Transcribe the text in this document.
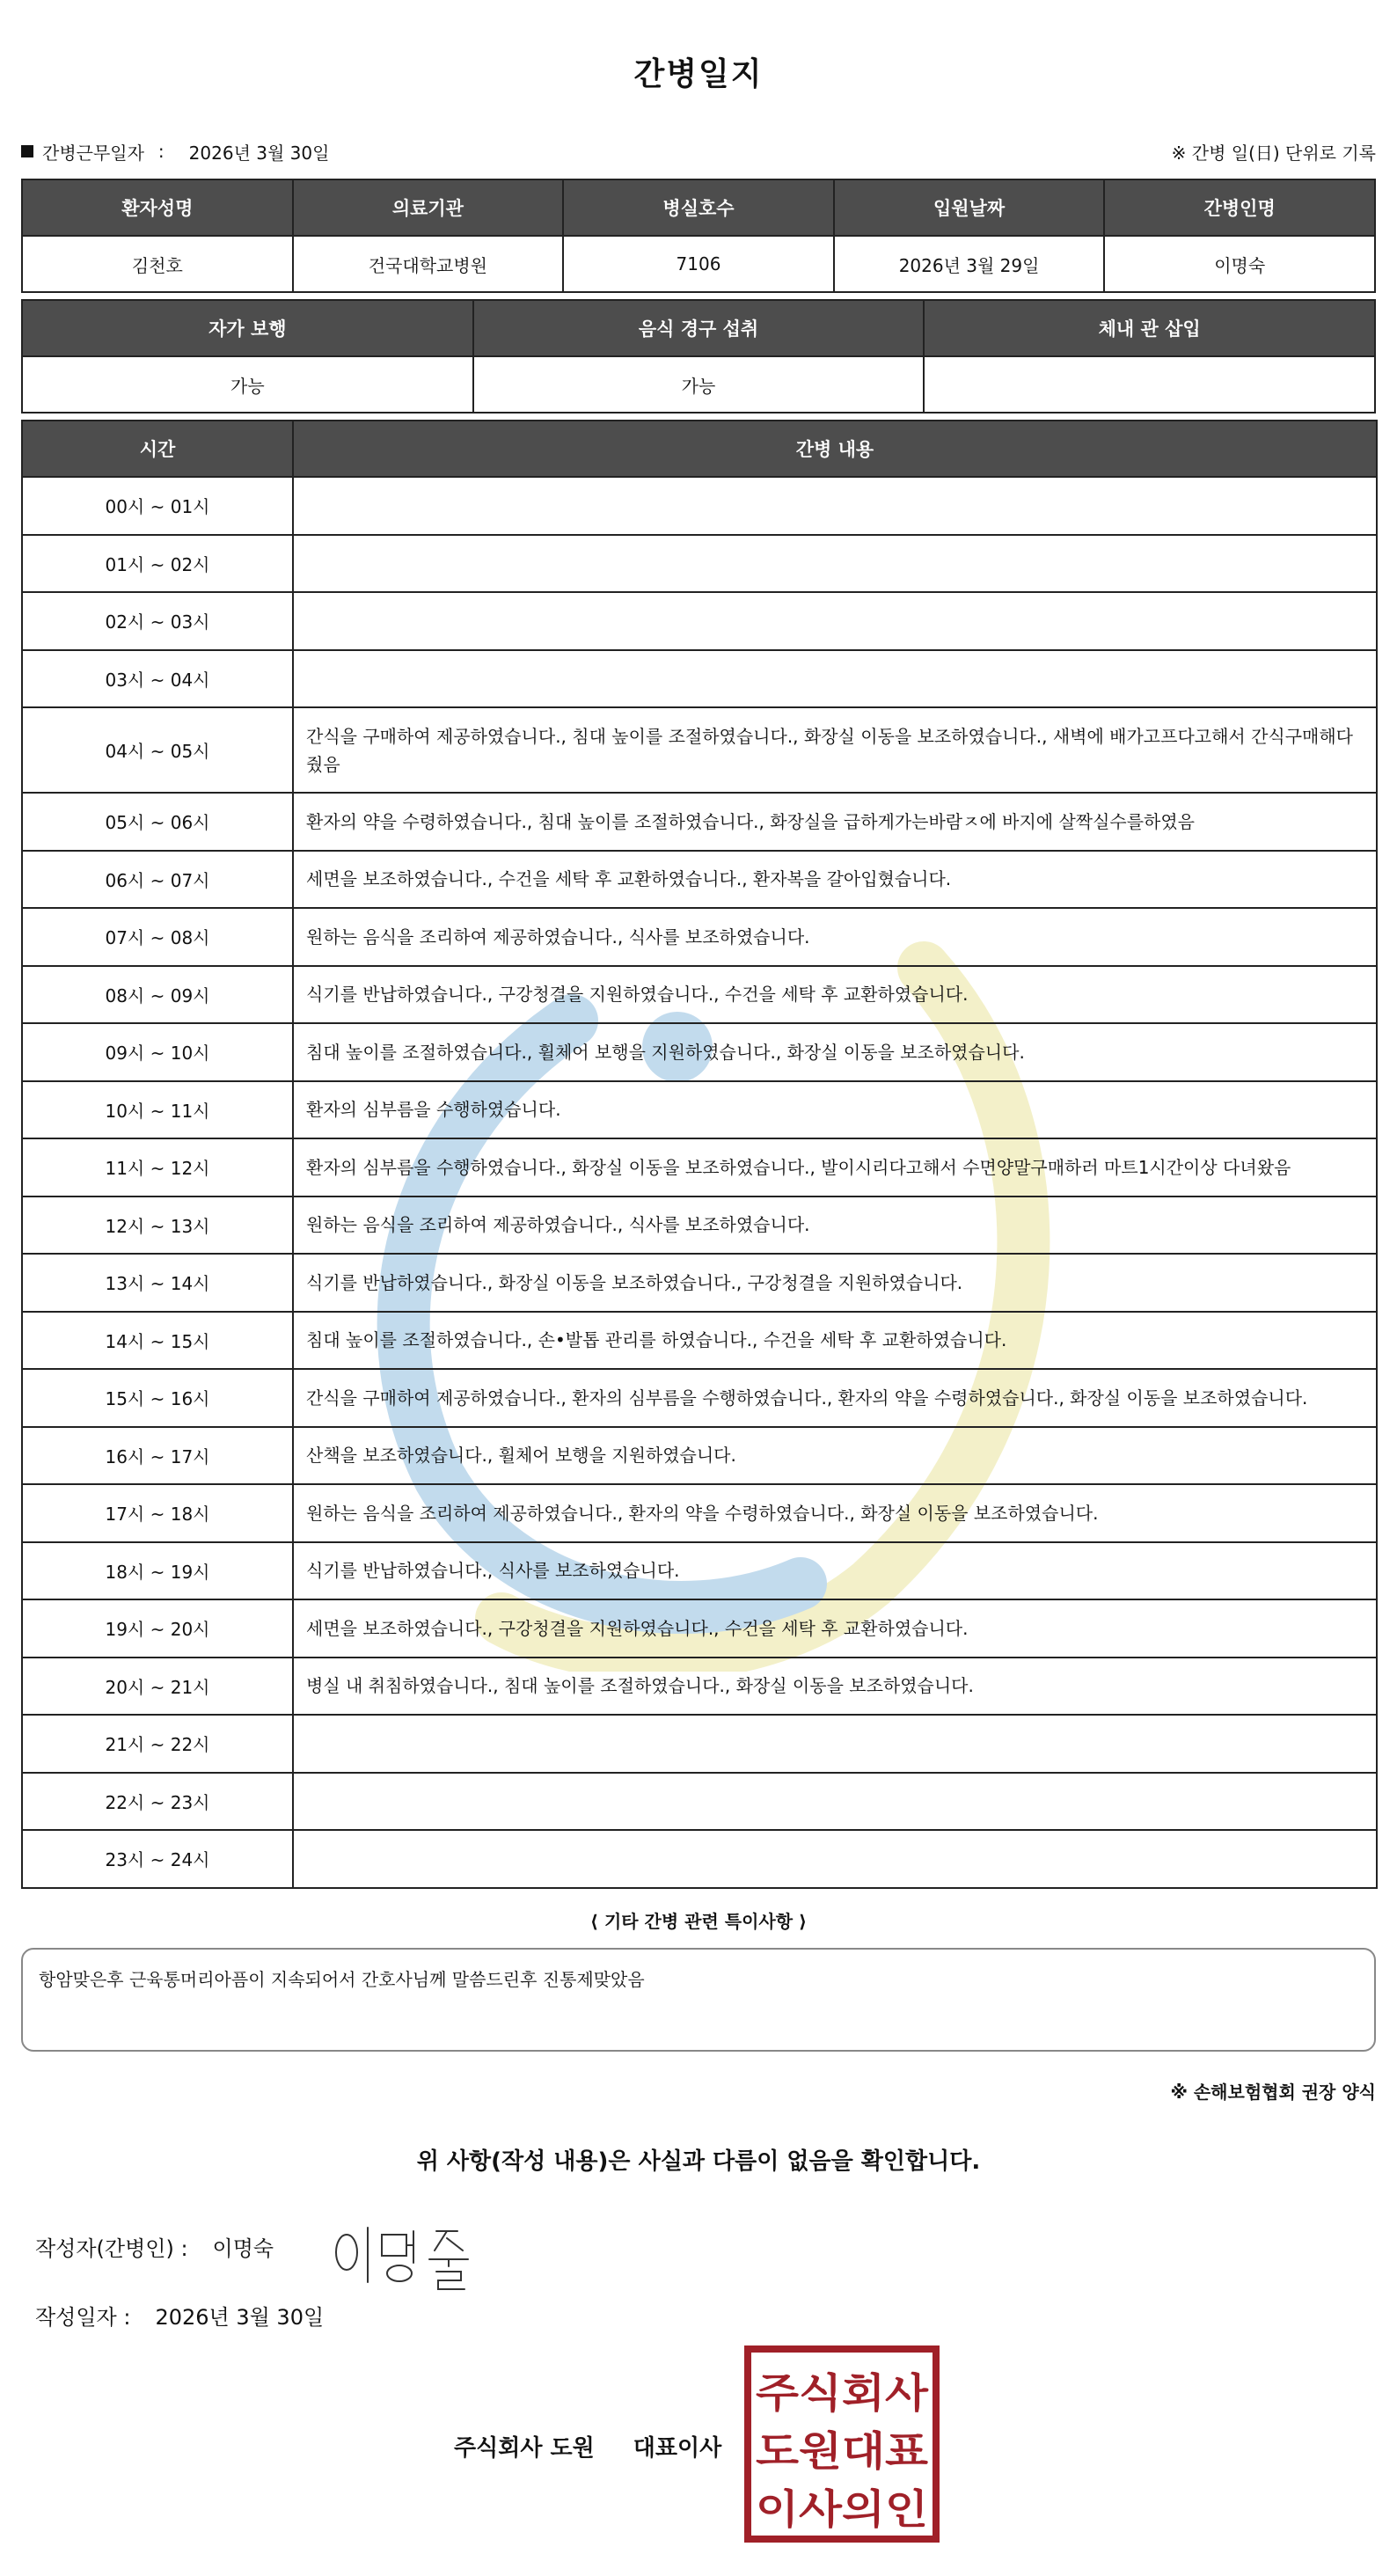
간병일지
간병근무일자 : 2026년 3월 30일	※ 간병 일(日) 단위로 기록
환자성명	의료기관	병실호수	입원날짜	간병인명
김천호	건국대학교병원	7106	2026년 3월 29일	이명숙
자가 보행	음식 경구 섭취	체내 관 삽입
가능	가능	
시간	간병 내용
00시 ~ 01시	
01시 ~ 02시	
02시 ~ 03시	
03시 ~ 04시	
04시 ~ 05시	간식을 구매하여 제공하였습니다., 침대 높이를 조절하였습니다., 화장실 이동을 보조하였습니다., 새벽에 배가고프다고해서 간식구매해다줬음
05시 ~ 06시	환자의 약을 수령하였습니다., 침대 높이를 조절하였습니다., 화장실을 급하게가는바람ㅈ에 바지에 살짝실수를하였음
06시 ~ 07시	세면을 보조하였습니다., 수건을 세탁 후 교환하였습니다., 환자복을 갈아입혔습니다.
07시 ~ 08시	원하는 음식을 조리하여 제공하였습니다., 식사를 보조하였습니다.
08시 ~ 09시	식기를 반납하였습니다., 구강청결을 지원하였습니다., 수건을 세탁 후 교환하였습니다.
09시 ~ 10시	침대 높이를 조절하였습니다., 휠체어 보행을 지원하였습니다., 화장실 이동을 보조하였습니다.
10시 ~ 11시	환자의 심부름을 수행하였습니다.
11시 ~ 12시	환자의 심부름을 수행하였습니다., 화장실 이동을 보조하였습니다., 발이시리다고해서 수면양말구매하러 마트1시간이상 다녀왔음
12시 ~ 13시	원하는 음식을 조리하여 제공하였습니다., 식사를 보조하였습니다.
13시 ~ 14시	식기를 반납하였습니다., 화장실 이동을 보조하였습니다., 구강청결을 지원하였습니다.
14시 ~ 15시	침대 높이를 조절하였습니다., 손•발톱 관리를 하였습니다., 수건을 세탁 후 교환하였습니다.
15시 ~ 16시	간식을 구매하여 제공하였습니다., 환자의 심부름을 수행하였습니다., 환자의 약을 수령하였습니다., 화장실 이동을 보조하였습니다.
16시 ~ 17시	산책을 보조하였습니다., 휠체어 보행을 지원하였습니다.
17시 ~ 18시	원하는 음식을 조리하여 제공하였습니다., 환자의 약을 수령하였습니다., 화장실 이동을 보조하였습니다.
18시 ~ 19시	식기를 반납하였습니다., 식사를 보조하였습니다.
19시 ~ 20시	세면을 보조하였습니다., 구강청결을 지원하였습니다., 수건을 세탁 후 교환하였습니다.
20시 ~ 21시	병실 내 취침하였습니다., 침대 높이를 조절하였습니다., 화장실 이동을 보조하였습니다.
21시 ~ 22시	
22시 ~ 23시	
23시 ~ 24시	
⟨ 기타 간병 관련 특이사항 ⟩
항암맞은후 근육통머리아픔이 지속되어서 간호사님께 말씀드린후 진통제맞았음
※ 손해보험협회 권장 양식
위 사항(작성 내용)은 사실과 다름이 없음을 확인합니다.
작성자(간병인) : 이명숙
작성일자 : 2026년 3월 30일
주식회사 도원 대표이사
주식회사
도원대표
이사의인
